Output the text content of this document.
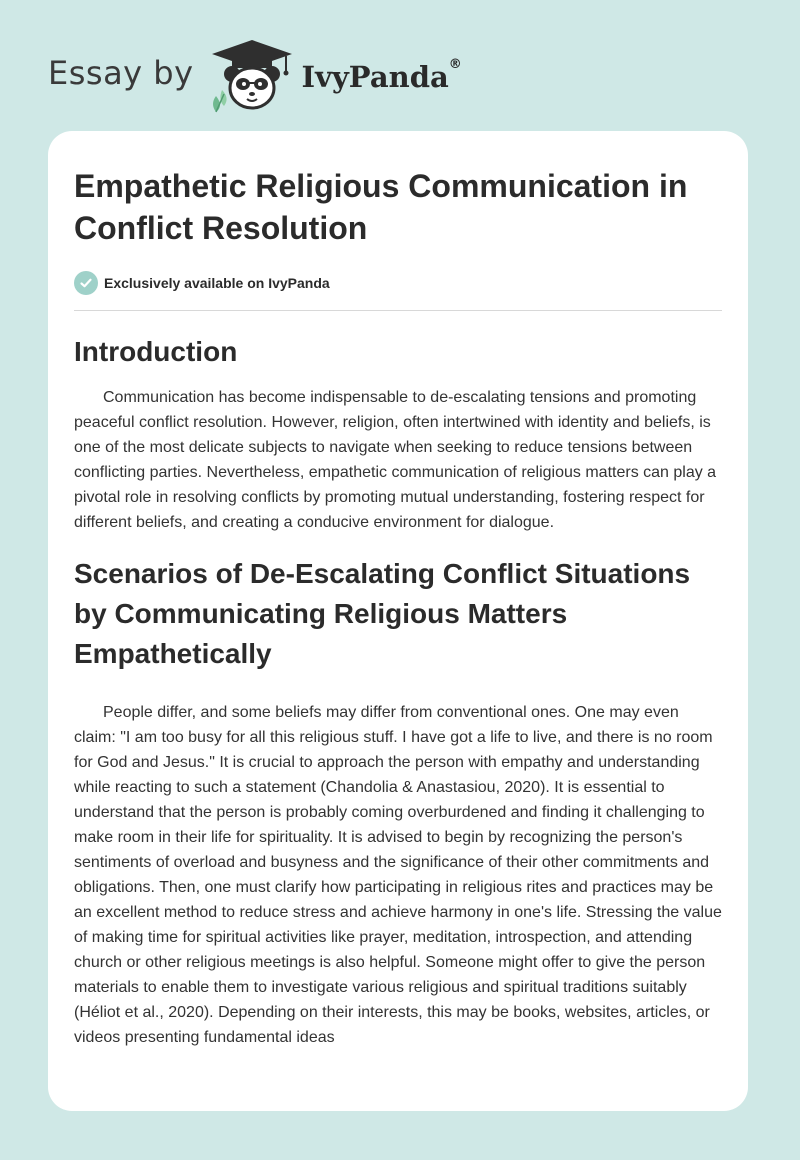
Essay by	IvyPanda®
Empathetic Religious Communication in Conflict Resolution
Exclusively available on IvyPanda
Introduction

Communication has become indispensable to de-escalating tensions and promoting peaceful conflict resolution. However, religion, often intertwined with identity and beliefs, is one of the most delicate subjects to navigate when seeking to reduce tensions between conflicting parties. Nevertheless, empathetic communication of religious matters can play a pivotal role in resolving conflicts by promoting mutual understanding, fostering respect for different beliefs, and creating a conducive environment for dialogue.

Scenarios of De-Escalating Conflict Situations by Communicating Religious Matters Empathetically

People differ, and some beliefs may differ from conventional ones. One may even claim: "I am too busy for all this religious stuff. I have got a life to live, and there is no room for God and Jesus." It is crucial to approach the person with empathy and understanding while reacting to such a statement (Chandolia & Anastasiou, 2020). It is essential to understand that the person is probably coming overburdened and finding it challenging to make room in their life for spirituality. It is advised to begin by recognizing the person's sentiments of overload and busyness and the significance of their other commitments and obligations. Then, one must clarify how participating in religious rites and practices may be an excellent method to reduce stress and achieve harmony in one's life. Stressing the value of making time for spiritual activities like prayer, meditation, introspection, and attending church or other religious meetings is also helpful. Someone might offer to give the person materials to enable them to investigate various religious and spiritual traditions suitably (Héliot et al., 2020). Depending on their interests, this may be books, websites, articles, or videos presenting fundamental ideas
